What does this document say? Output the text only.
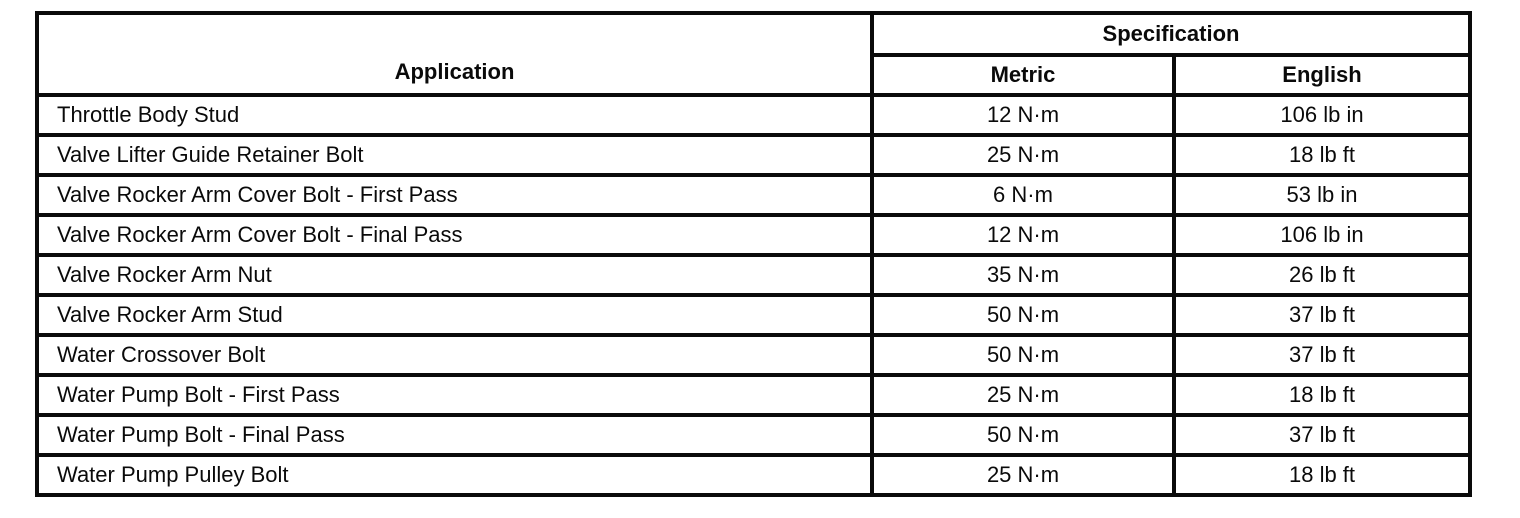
Application	Specification	
	Metric	English
Throttle Body Stud	12 N·m	106 lb in
Valve Lifter Guide Retainer Bolt	25 N·m	18 lb ft
Valve Rocker Arm Cover Bolt - First Pass	6 N·m	53 lb in
Valve Rocker Arm Cover Bolt - Final Pass	12 N·m	106 lb in
Valve Rocker Arm Nut	35 N·m	26 lb ft
Valve Rocker Arm Stud	50 N·m	37 lb ft
Water Crossover Bolt	50 N·m	37 lb ft
Water Pump Bolt - First Pass	25 N·m	18 lb ft
Water Pump Bolt - Final Pass	50 N·m	37 lb ft
Water Pump Pulley Bolt	25 N·m	18 lb ft
